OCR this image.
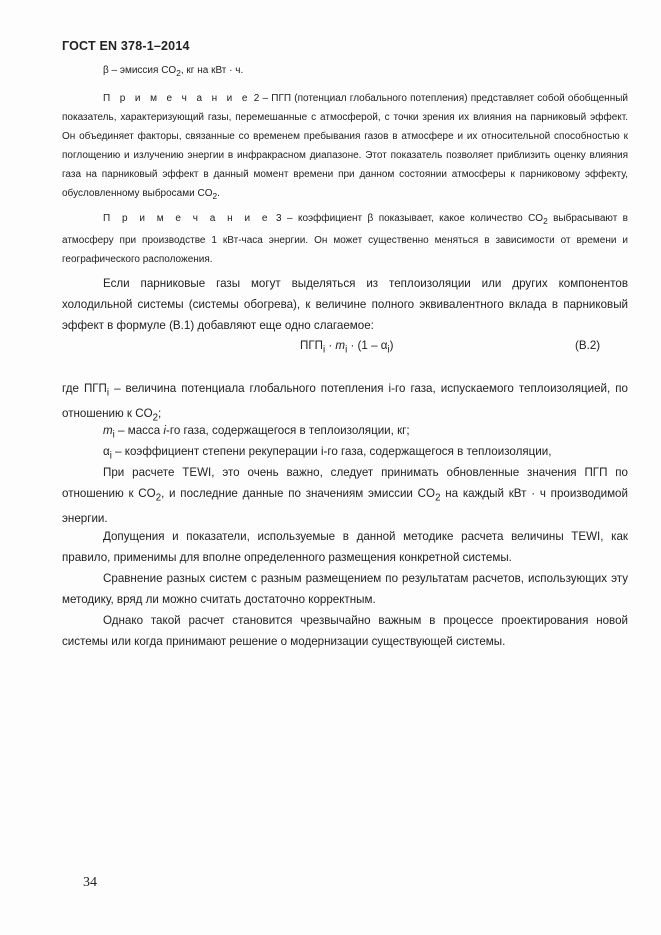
ГОСТ EN 378-1–2014
β – эмиссия $CO_2$, кг на кВт · ч.
П р и м е ч а н и е 2 – ПГП (потенциал глобального потепления) представляет собой обобщенный показатель, характеризующий газы, перемешанные с атмосферой, с точки зрения их влияния на парниковый эффект. Он объединяет факторы, связанные со временем пребывания газов в атмосфере и их относительной способностью к поглощению и излучению энергии в инфракрасном диапазоне. Этот показатель позволяет приблизить оценку влияния газа на парниковый эффект в данный момент времени при данном состоянии атмосферы к парниковому эффекту, обусловленному выбросами $CO_2$.
П р и м е ч а н и е 3 – коэффициент β показывает, какое количество $CO_2$ выбрасывают в атмосферу при производстве 1 кВт-часа энергии. Он может существенно меняться в зависимости от времени и географического расположения.
Если парниковые газы могут выделяться из теплоизоляции или других компонентов холодильной системы (системы обогрева), к величине полного эквивалентного вклада в парниковый эффект в формуле (В.1) добавляют еще одно слагаемое:
$ПГП_i \cdot m_i \cdot (1 - \alpha_i)$	(В.2)
где $ПГП_i$ – величина потенциала глобального потепления i-го газа, испускаемого теплоизоляцией, по отношению к $CO_2$;
$m_i$ – масса i-го газа, содержащегося в теплоизоляции, кг;
$\alpha_i$ – коэффициент степени рекуперации i-го газа, содержащегося в теплоизоляции,
При расчете TEWI, это очень важно, следует принимать обновленные значения ПГП по отношению к $CO_2$, и последние данные по значениям эмиссии $CO_2$ на каждый кВт · ч производимой энергии.
Допущения и показатели, используемые в данной методике расчета величины TEWI, как правило, применимы для вполне определенного размещения конкретной системы.
Сравнение разных систем с разным размещением по результатам расчетов, использующих эту методику, вряд ли можно считать достаточно корректным.
Однако такой расчет становится чрезвычайно важным в процессе проектирования новой системы или когда принимают решение о модернизации существующей системы.
34
